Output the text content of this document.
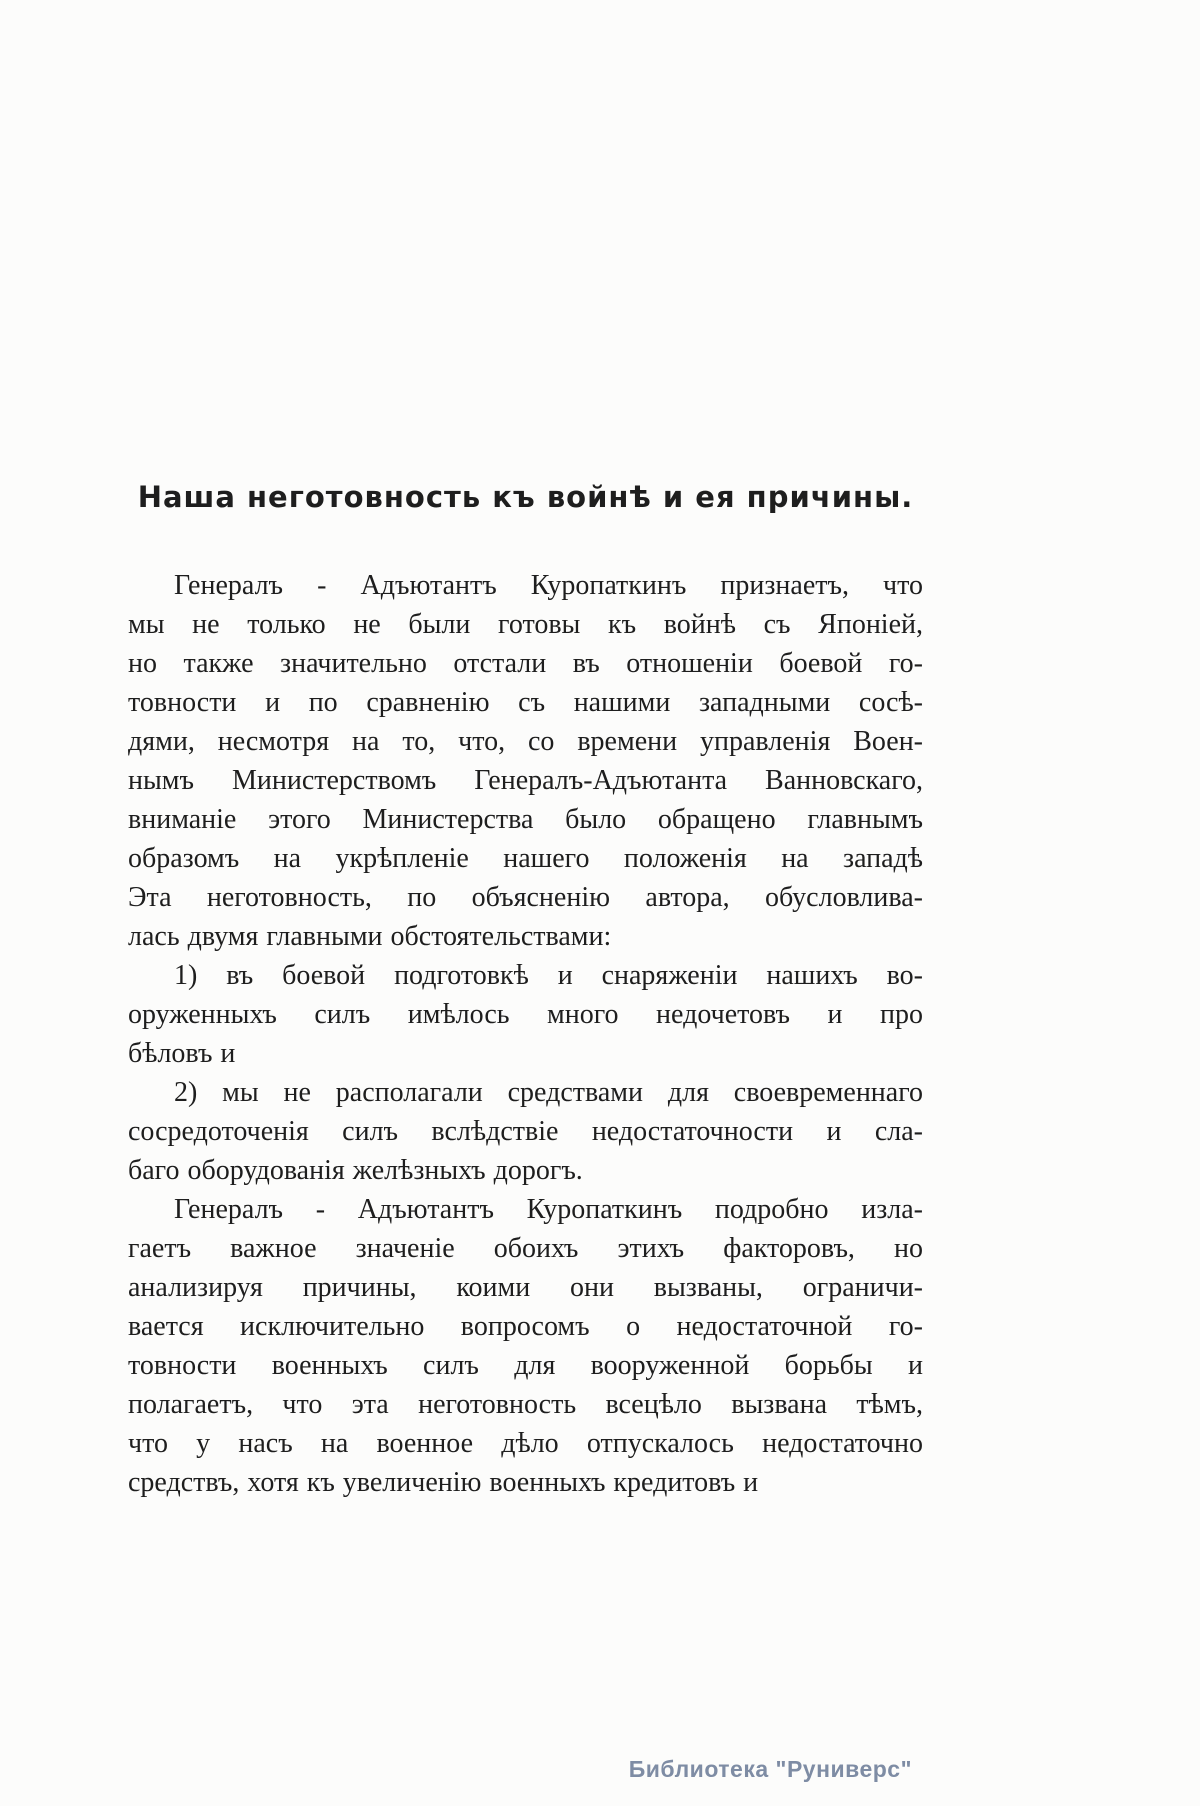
Наша неготовность къ войнѣ и ея причины.
Генералъ - Адъютантъ Куропаткинъ признаетъ, что
мы не только не были готовы къ войнѣ съ Японіей,
но также значительно отстали въ отношеніи боевой го-
товности и по сравненію съ нашими западными сосѣ-
дями, несмотря на то, что, со времени управленія Воен-
нымъ Министерствомъ Генералъ-Адъютанта Ванновскаго,
вниманіе этого Министерства было обращено главнымъ
образомъ на укрѣпленіе нашего положенія на западѣ
Эта неготовность, по объясненію автора, обусловлива-
лась двумя главными обстоятельствами:
1) въ боевой подготовкѣ и снаряженіи нашихъ во-
оруженныхъ силъ имѣлось много недочетовъ и про
бѣловъ и
2) мы не располагали средствами для своевременнаго
сосредоточенія силъ вслѣдствіе недостаточности и сла-
баго оборудованія желѣзныхъ дорогъ.
Генералъ - Адъютантъ Куропаткинъ подробно изла-
гаетъ важное значеніе обоихъ этихъ факторовъ, но
анализируя причины, коими они вызваны, ограничи-
вается исключительно вопросомъ о недостаточной го-
товности военныхъ силъ для вооруженной борьбы и
полагаетъ, что эта неготовность всецѣло вызвана тѣмъ,
что у насъ на военное дѣло отпускалось недостаточно
средствъ, хотя къ увеличенію военныхъ кредитовъ и
Библиотека "Руниверс"
